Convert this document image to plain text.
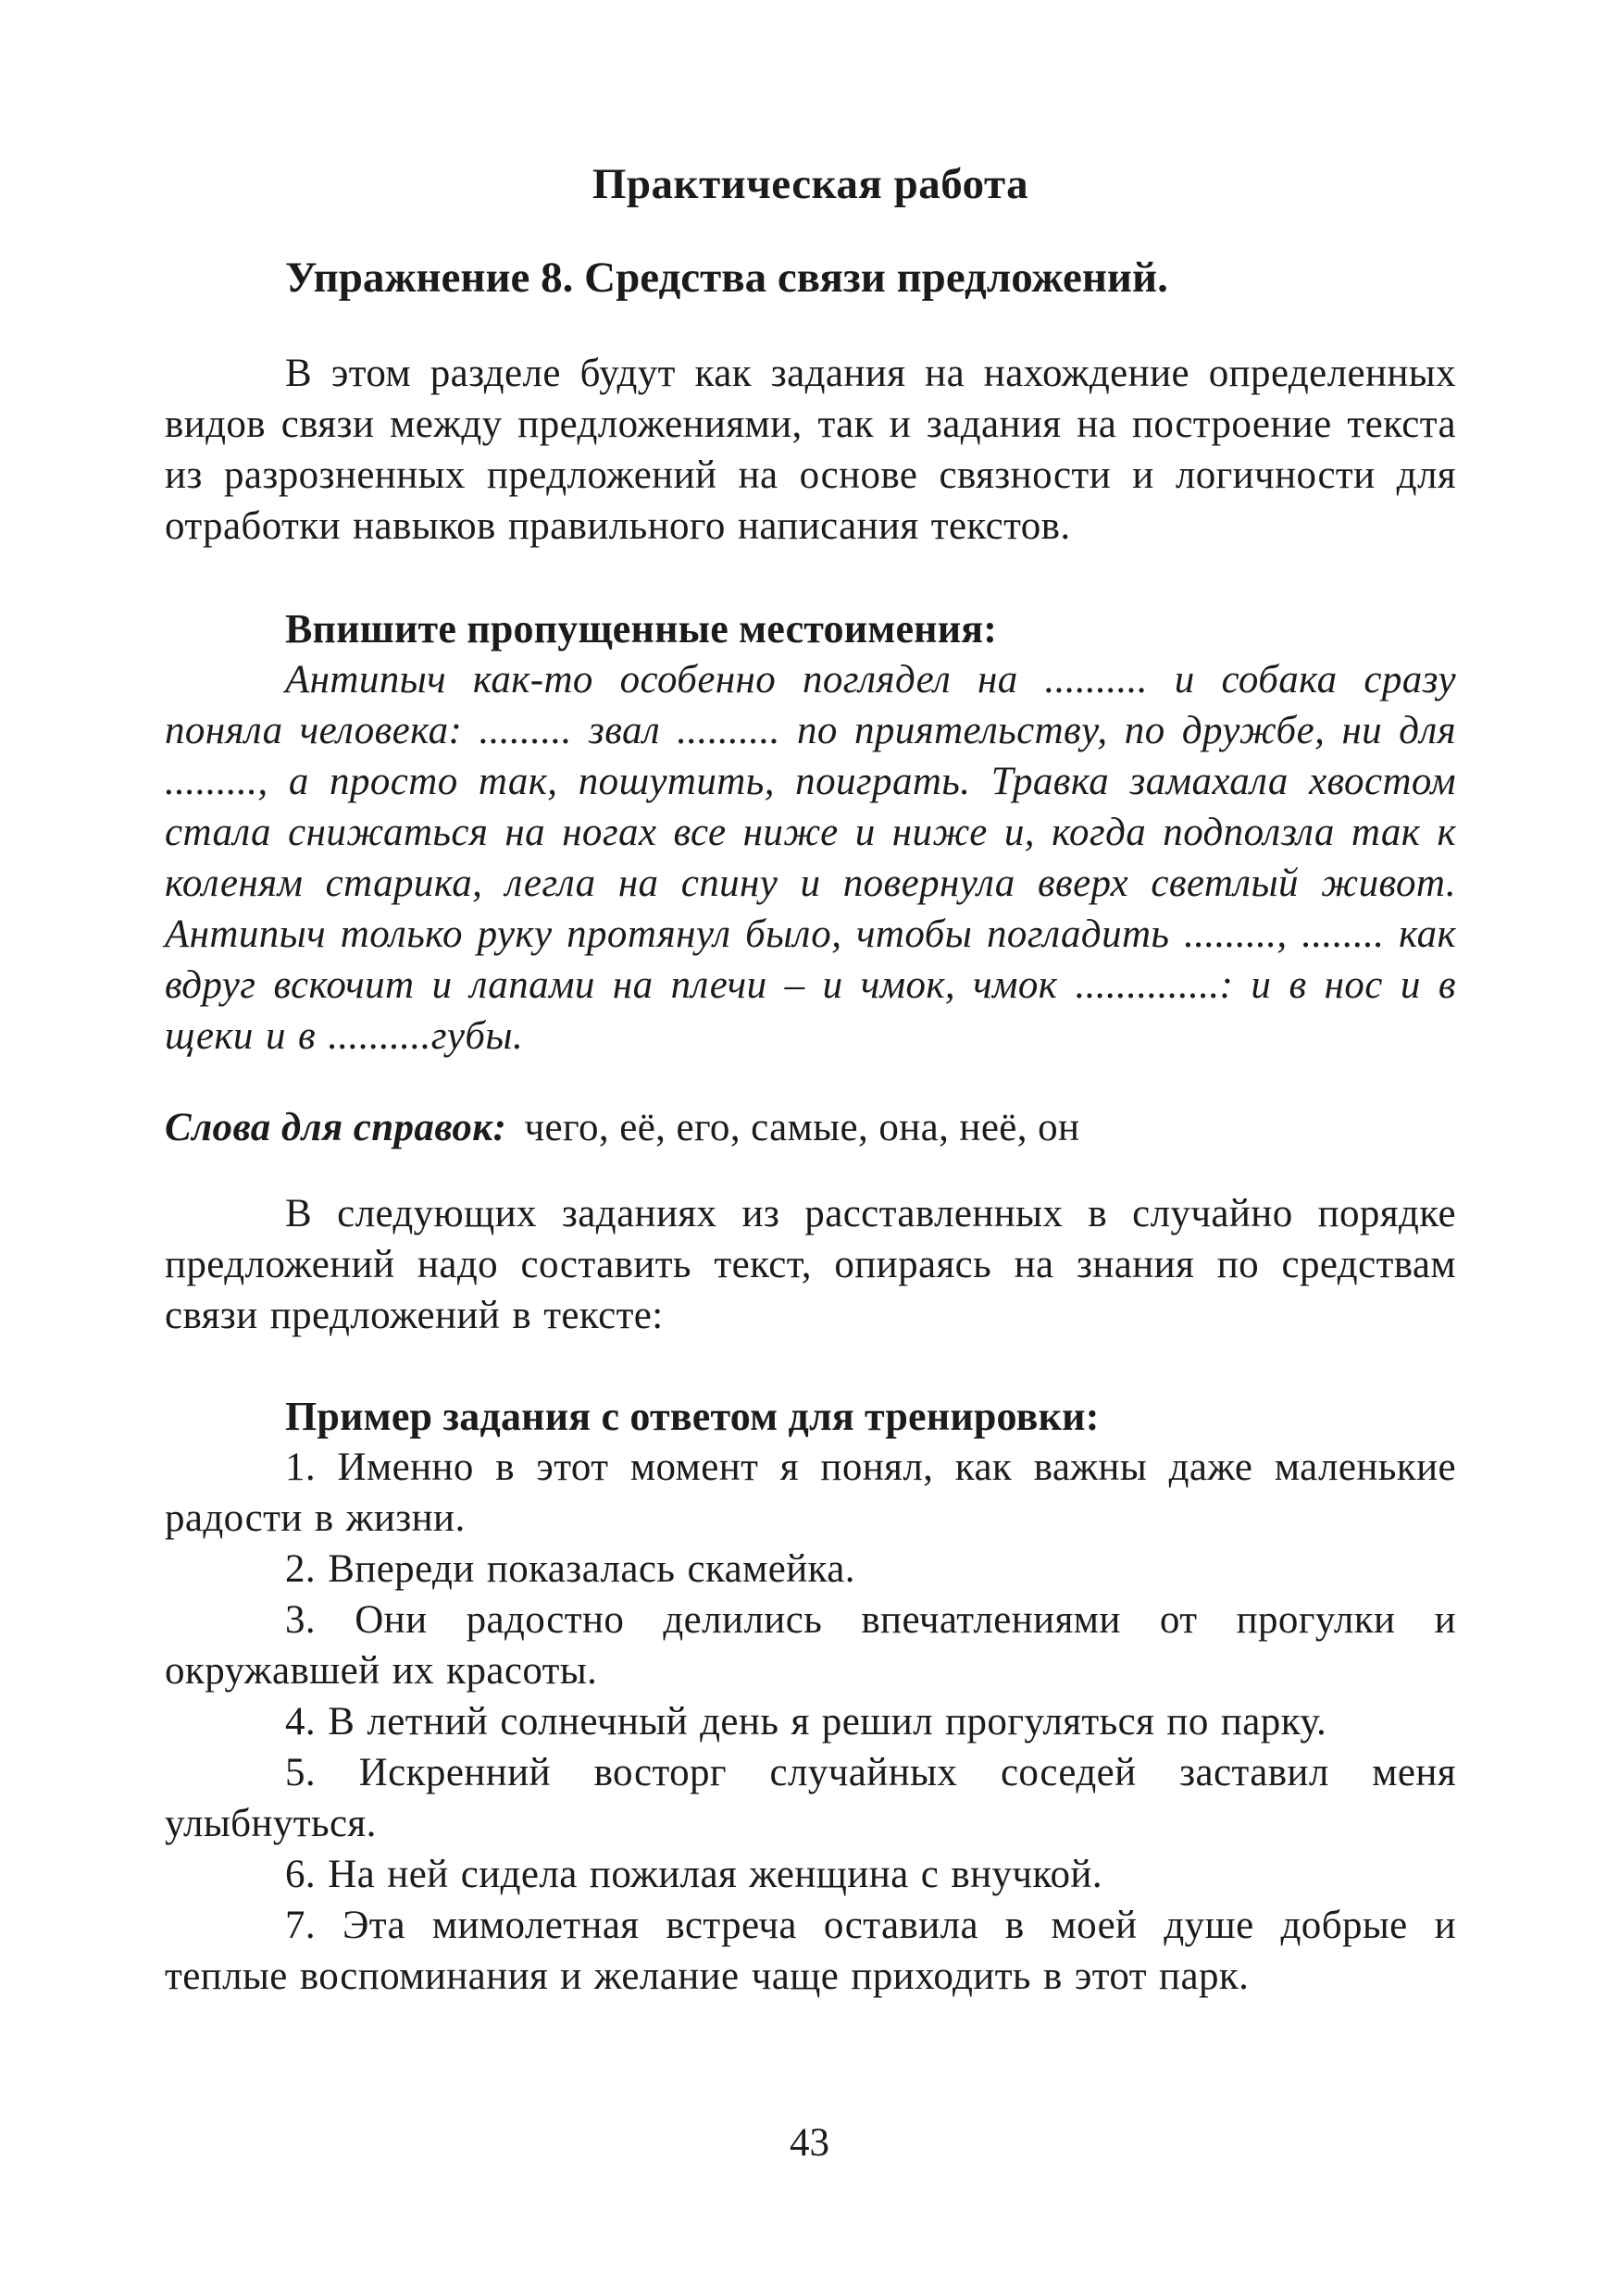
Практическая работа
Упражнение 8. Средства связи предложений.

В этом разделе будут как задания на нахождение определенных видов связи между предложениями, так и задания на построение текста из разрозненных предложений на основе связности и логичности для отработки навыков правильного написания текстов.

Впишите пропущенные местоимения:

Антипыч как-то особенно поглядел на .......... и собака сразу поняла человека: ......... звал .......... по приятельству, по дружбе, ни для ........., а просто так, пошутить, поиграть. Травка замахала хвостом стала снижаться на ногах все ниже и ниже и, когда подползла так к коленям старика, легла на спину и повернула вверх светлый живот. Антипыч только руку протянул было, чтобы погладить ........., ........ как вдруг вскочит и лапами на плечи – и чмок, чмок ..............: и в нос и в щеки и в ..........губы.

Слова для справок: чего, её, его, самые, она, неё, он

В следующих заданиях из расставленных в случайно порядке предложений надо составить текст, опираясь на знания по средствам связи предложений в тексте:

Пример задания с ответом для тренировки:

1. Именно в этот момент я понял, как важны даже маленькие радости в жизни.

2. Впереди показалась скамейка.

3. Они радостно делились впечатлениями от прогулки и окружавшей их красоты.

4. В летний солнечный день я решил прогуляться по парку.

5. Искренний восторг случайных соседей заставил меня улыбнуться.

6. На ней сидела пожилая женщина с внучкой.

7. Эта мимолетная встреча оставила в моей душе добрые и теплые воспоминания и желание чаще приходить в этот парк.

43
